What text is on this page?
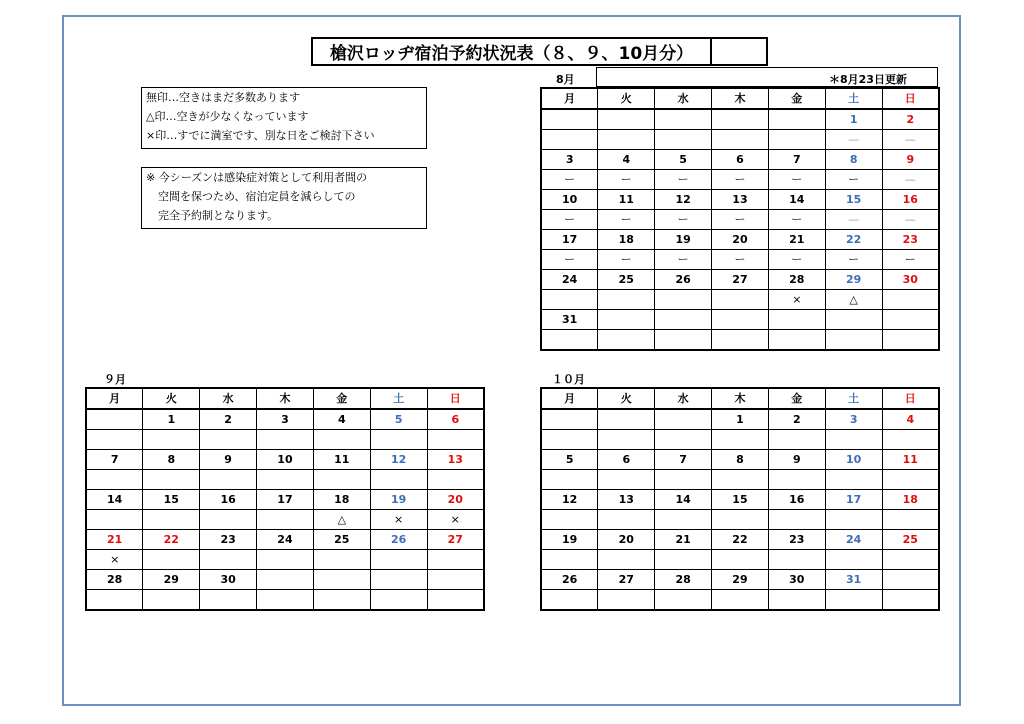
槍沢ロッヂ宿泊予約状況表（８、９、10月分）
無印…空きはまだ多数あります
△印…空きが少なくなっています
×印…すでに満室です、別な日をご検討下さい
※ 今シーズンは感染症対策として利用者間の
空間を保つため、宿泊定員を減らしての
完全予約制となります。
8月	＊8月23日更新
月	火	水	木	金	土	日
					1	2
					—	—
3	4	5	6	7	8	9
ー	ー	ー	ー	ー	ー	—
10	11	12	13	14	15	16
ー	ー	ー	ー	ー	—	—
17	18	19	20	21	22	23
ー	ー	ー	ー	ー	ー	ー
24	25	26	27	28	29	30
				×	△	
31						

９月
月	火	水	木	金	土	日
	1	2	3	4	5	6

7	8	9	10	11	12	13

14	15	16	17	18	19	20
				△	×	×
21	22	23	24	25	26	27
×						
28	29	30				

１０月
月	火	水	木	金	土	日
			1	2	3	4

5	6	7	8	9	10	11

12	13	14	15	16	17	18

19	20	21	22	23	24	25

26	27	28	29	30	31	
